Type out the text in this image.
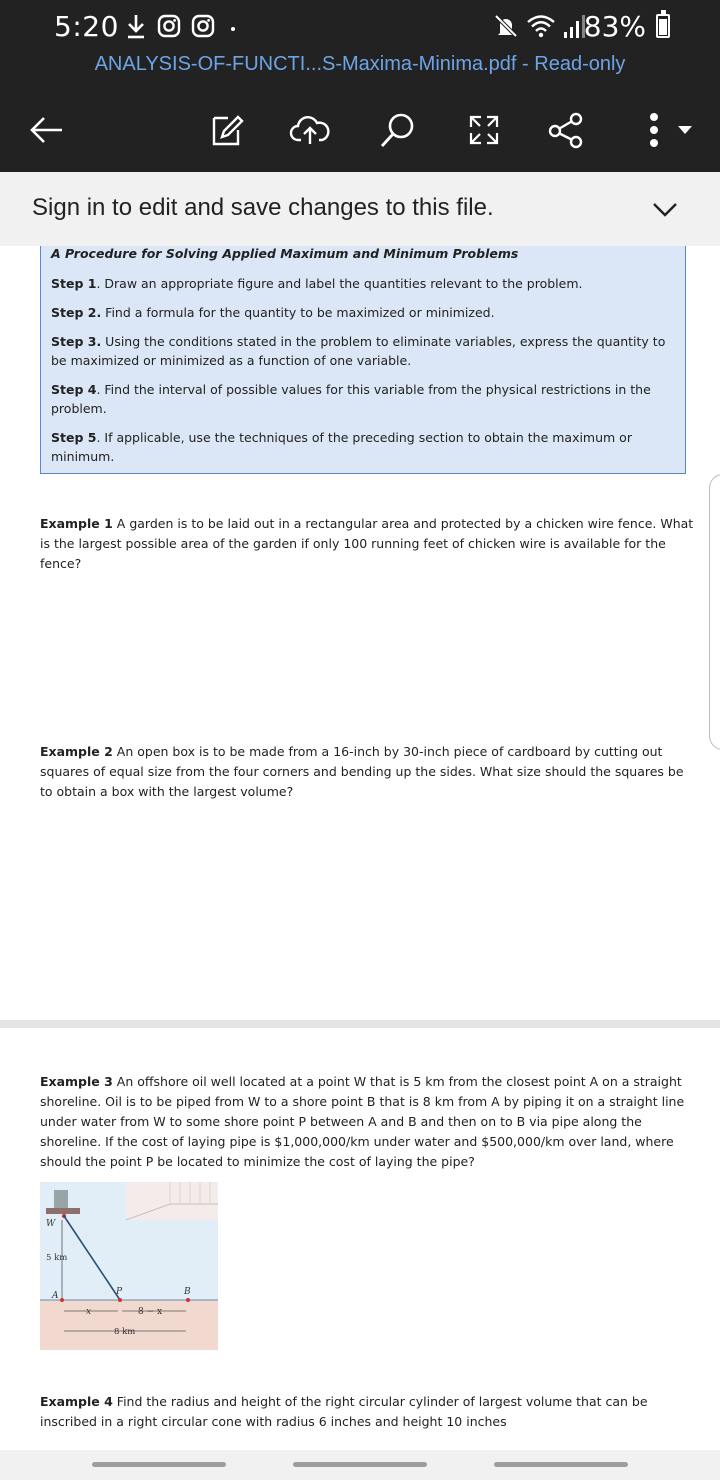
5:20	83%
ANALYSIS-OF-FUNCTI...S-Maxima-Minima.pdf - Read-only
Sign in to edit and save changes to this file.
A Procedure for Solving Applied Maximum and Minimum Problems
Step 1. Draw an appropriate figure and label the quantities relevant to the problem.
Step 2. Find a formula for the quantity to be maximized or minimized.
Step 3. Using the conditions stated in the problem to eliminate variables, express the quantity to be maximized or minimized as a function of one variable.
Step 4. Find the interval of possible values for this variable from the physical restrictions in the problem.
Step 5. If applicable, use the techniques of the preceding section to obtain the maximum or minimum.
Example 1 A garden is to be laid out in a rectangular area and protected by a chicken wire fence. What is the largest possible area of the garden if only 100 running feet of chicken wire is available for the fence?
Example 2 An open box is to be made from a 16-inch by 30-inch piece of cardboard by cutting out squares of equal size from the four corners and bending up the sides. What size should the squares be to obtain a box with the largest volume?
Example 3 An offshore oil well located at a point W that is 5 km from the closest point A on a straight shoreline. Oil is to be piped from W to a shore point B that is 8 km from A by piping it on a straight line under water from W to some shore point P between A and B and then on to B via pipe along the shoreline. If the cost of laying pipe is $1,000,000/km under water and $500,000/km over land, where should the point P be located to minimize the cost of laying the pipe?
W
5 km
A	P	B
x	8 − x
8 km
Example 4 Find the radius and height of the right circular cylinder of largest volume that can be inscribed in a right circular cone with radius 6 inches and height 10 inches
